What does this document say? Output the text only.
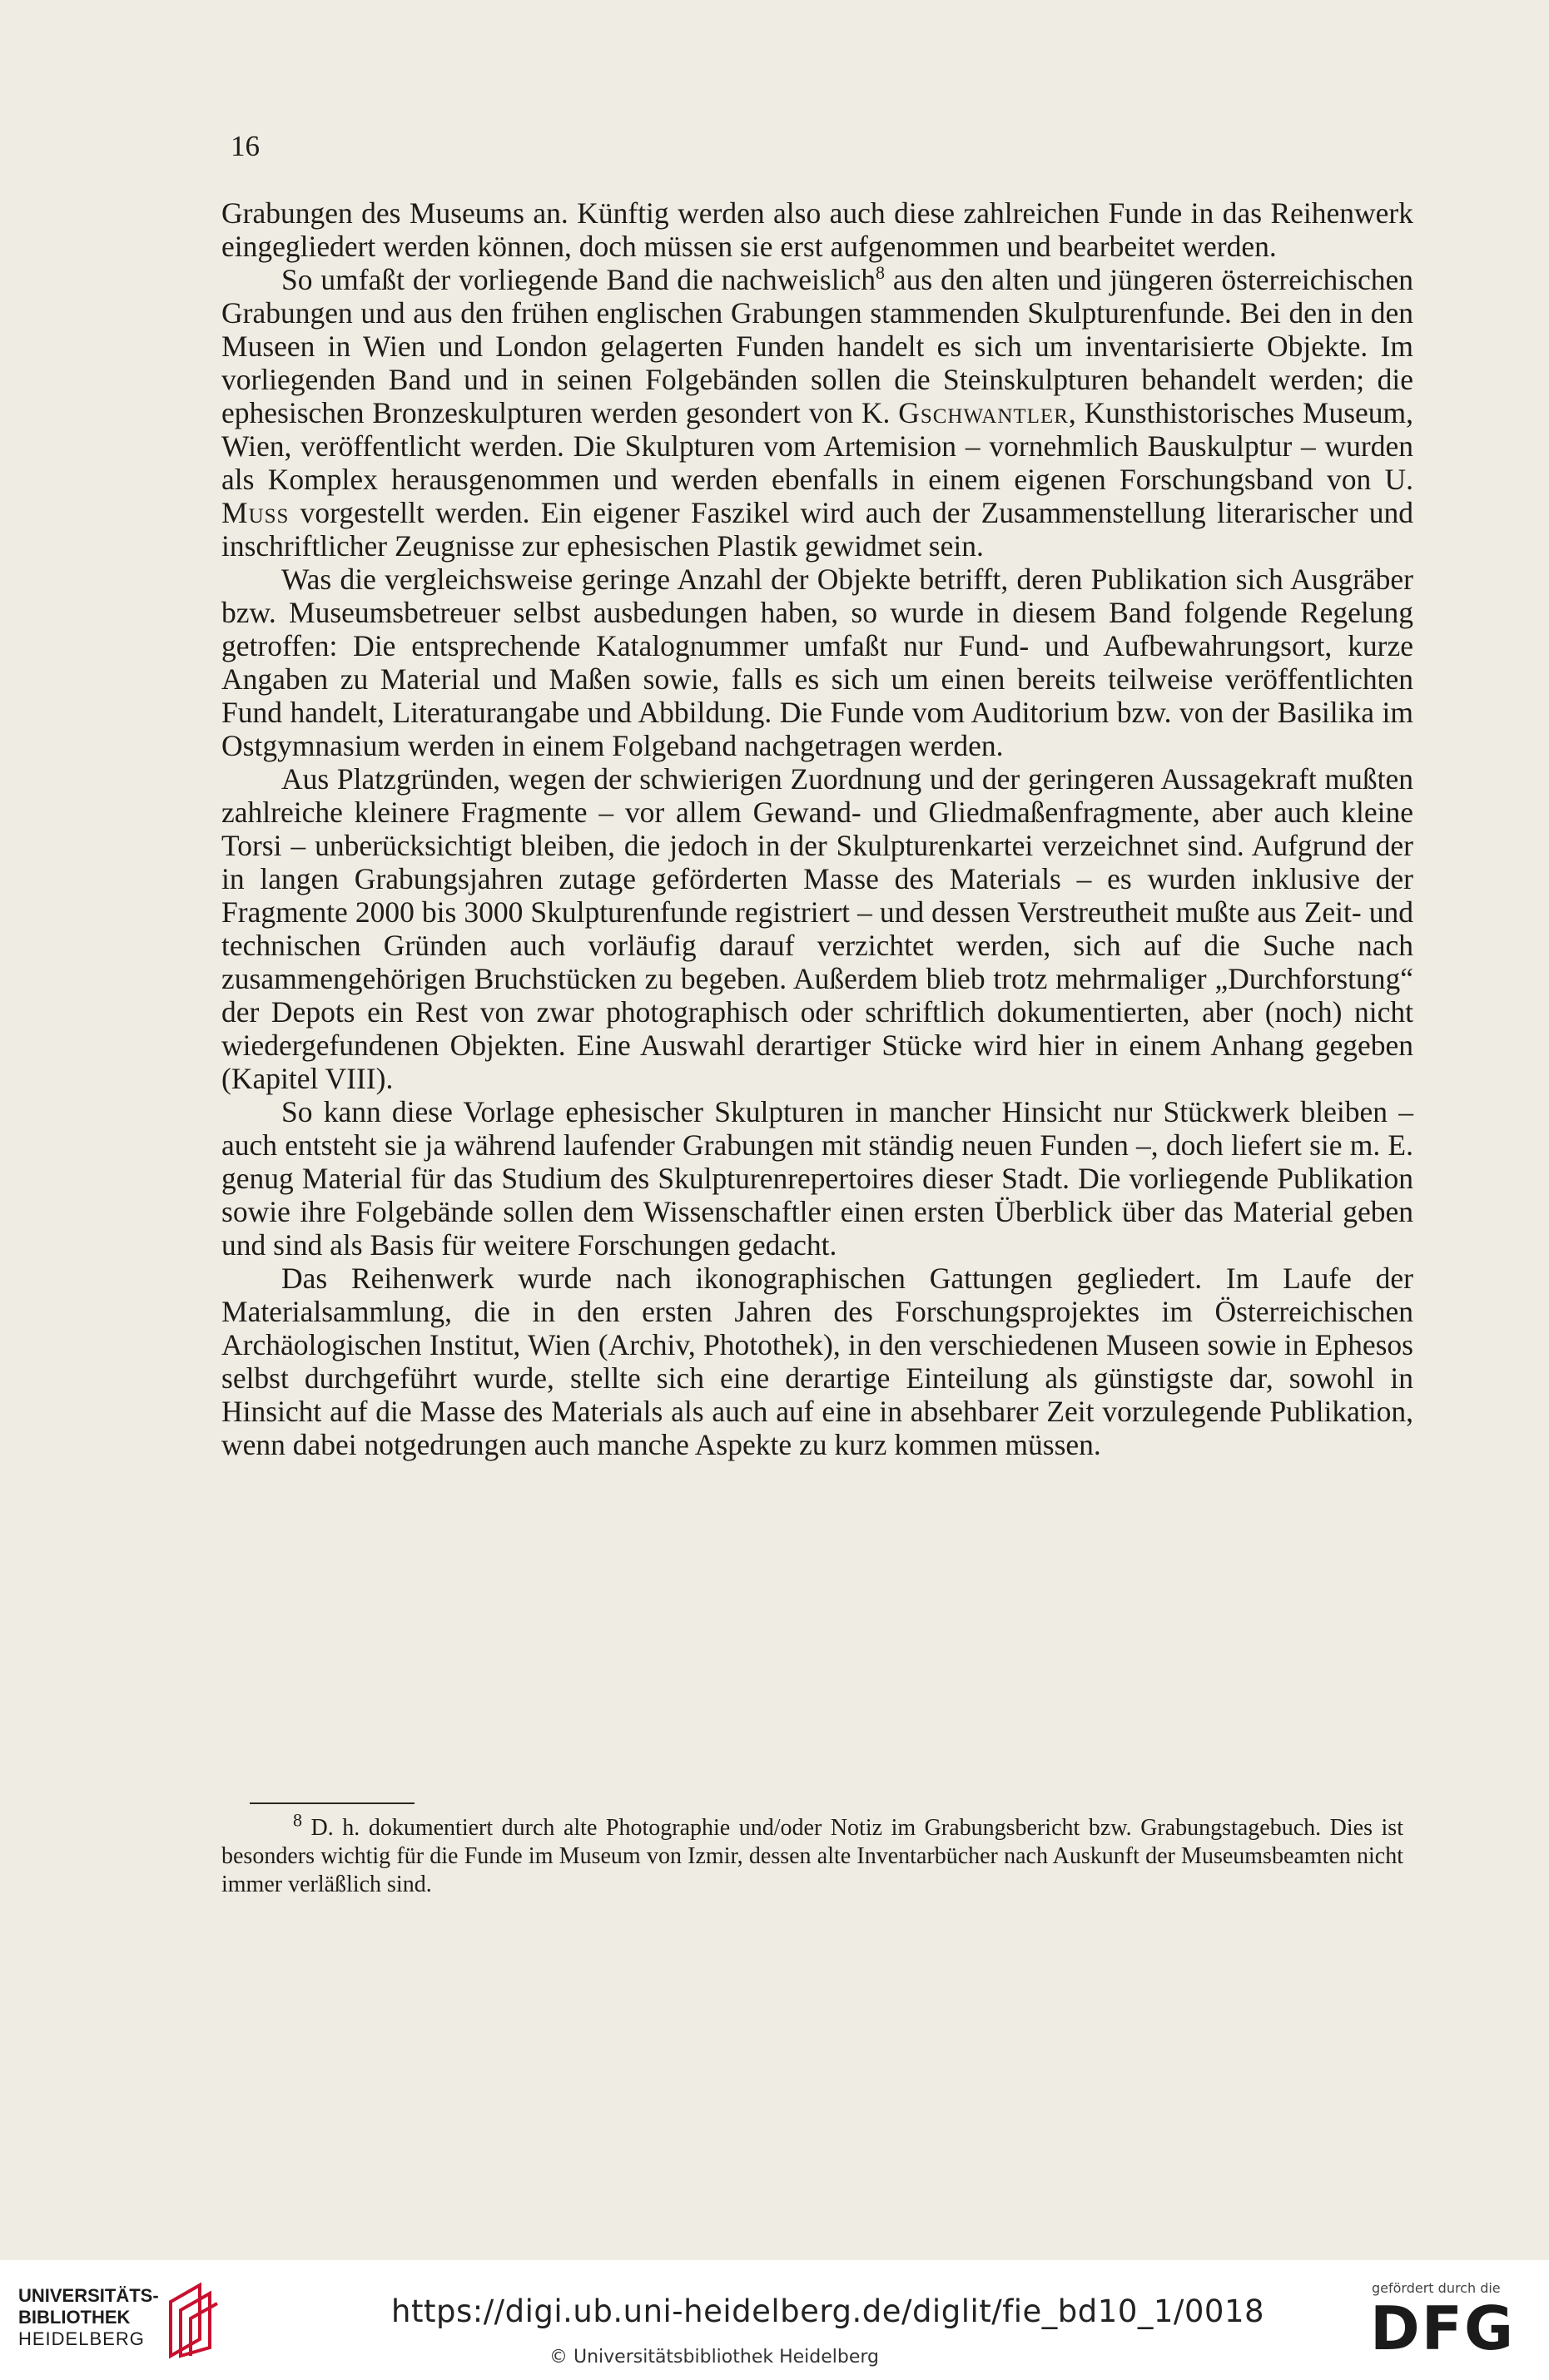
16

Grabungen des Museums an. Künftig werden also auch diese zahlreichen Funde in das Reihenwerk eingegliedert werden können, doch müssen sie erst aufgenommen und bearbeitet werden.

So umfaßt der vorliegende Band die nachweislich$^8$ aus den alten und jüngeren österreichischen Grabungen und aus den frühen englischen Grabungen stammenden Skulpturenfunde. Bei den in den Museen in Wien und London gelagerten Funden handelt es sich um inventarisierte Objekte. Im vorliegenden Band und in seinen Folgebänden sollen die Steinskulpturen behandelt werden; die ephesischen Bronzeskulpturen werden gesondert von K. Gschwantler, Kunsthistorisches Museum, Wien, veröffentlicht werden. Die Skulpturen vom Artemision – vornehmlich Bauskulptur – wurden als Komplex herausgenommen und werden ebenfalls in einem eigenen Forschungsband von U. Muss vorgestellt werden. Ein eigener Faszikel wird auch der Zusammenstellung literarischer und inschriftlicher Zeugnisse zur ephesischen Plastik gewidmet sein.

Was die vergleichsweise geringe Anzahl der Objekte betrifft, deren Publikation sich Ausgräber bzw. Museumsbetreuer selbst ausbedungen haben, so wurde in diesem Band folgende Regelung getroffen: Die entsprechende Katalognummer umfaßt nur Fund- und Aufbewahrungsort, kurze Angaben zu Material und Maßen sowie, falls es sich um einen bereits teilweise veröffentlichten Fund handelt, Literaturangabe und Abbildung. Die Funde vom Auditorium bzw. von der Basilika im Ostgymnasium werden in einem Folgeband nachgetragen werden.

Aus Platzgründen, wegen der schwierigen Zuordnung und der geringeren Aussagekraft mußten zahlreiche kleinere Fragmente – vor allem Gewand- und Gliedmaßenfragmente, aber auch kleine Torsi – unberücksichtigt bleiben, die jedoch in der Skulpturenkartei verzeichnet sind. Aufgrund der in langen Grabungsjahren zutage geförderten Masse des Materials – es wurden inklusive der Fragmente 2000 bis 3000 Skulpturenfunde registriert – und dessen Verstreutheit mußte aus Zeit- und technischen Gründen auch vorläufig darauf verzichtet werden, sich auf die Suche nach zusammengehörigen Bruchstücken zu begeben. Außerdem blieb trotz mehrmaliger „Durchforstung“ der Depots ein Rest von zwar photographisch oder schriftlich dokumentierten, aber (noch) nicht wiedergefundenen Objekten. Eine Auswahl derartiger Stücke wird hier in einem Anhang gegeben (Kapitel VIII).

So kann diese Vorlage ephesischer Skulpturen in mancher Hinsicht nur Stückwerk bleiben – auch entsteht sie ja während laufender Grabungen mit ständig neuen Funden –, doch liefert sie m. E. genug Material für das Studium des Skulpturenrepertoires dieser Stadt. Die vorliegende Publikation sowie ihre Folgebände sollen dem Wissenschaftler einen ersten Überblick über das Material geben und sind als Basis für weitere Forschungen gedacht.

Das Reihenwerk wurde nach ikonographischen Gattungen gegliedert. Im Laufe der Materialsammlung, die in den ersten Jahren des Forschungsprojektes im Österreichischen Archäologischen Institut, Wien (Archiv, Photothek), in den verschiedenen Museen sowie in Ephesos selbst durchgeführt wurde, stellte sich eine derartige Einteilung als günstigste dar, sowohl in Hinsicht auf die Masse des Materials als auch auf eine in absehbarer Zeit vorzulegende Publikation, wenn dabei notgedrungen auch manche Aspekte zu kurz kommen müssen.

$^8$ D. h. dokumentiert durch alte Photographie und/oder Notiz im Grabungsbericht bzw. Grabungstagebuch. Dies ist besonders wichtig für die Funde im Museum von Izmir, dessen alte Inventarbücher nach Auskunft der Museumsbeamten nicht immer verläßlich sind.

UNIVERSITÄTS-
BIBLIOTHEK
HEIDELBERG
https://digi.ub.uni-heidelberg.de/diglit/fie_bd10_1/0018
© Universitätsbibliothek Heidelberg
gefördert durch die
DFG
